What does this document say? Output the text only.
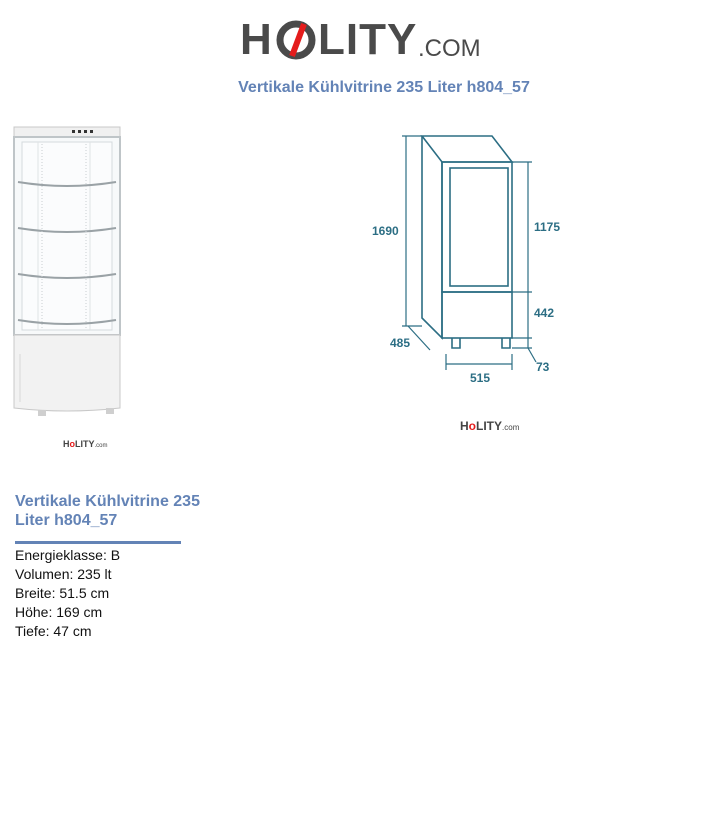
H LITY .COM
Vertikale Kühlvitrine 235 Liter h804_57
HoLITY.com
1690	1175
442
485
515
73
HoLITY.com
Vertikale Kühlvitrine 235
Liter h804_57
Energieklasse: B
Volumen: 235 lt
Breite: 51.5 cm
Höhe: 169 cm
Tiefe: 47 cm
